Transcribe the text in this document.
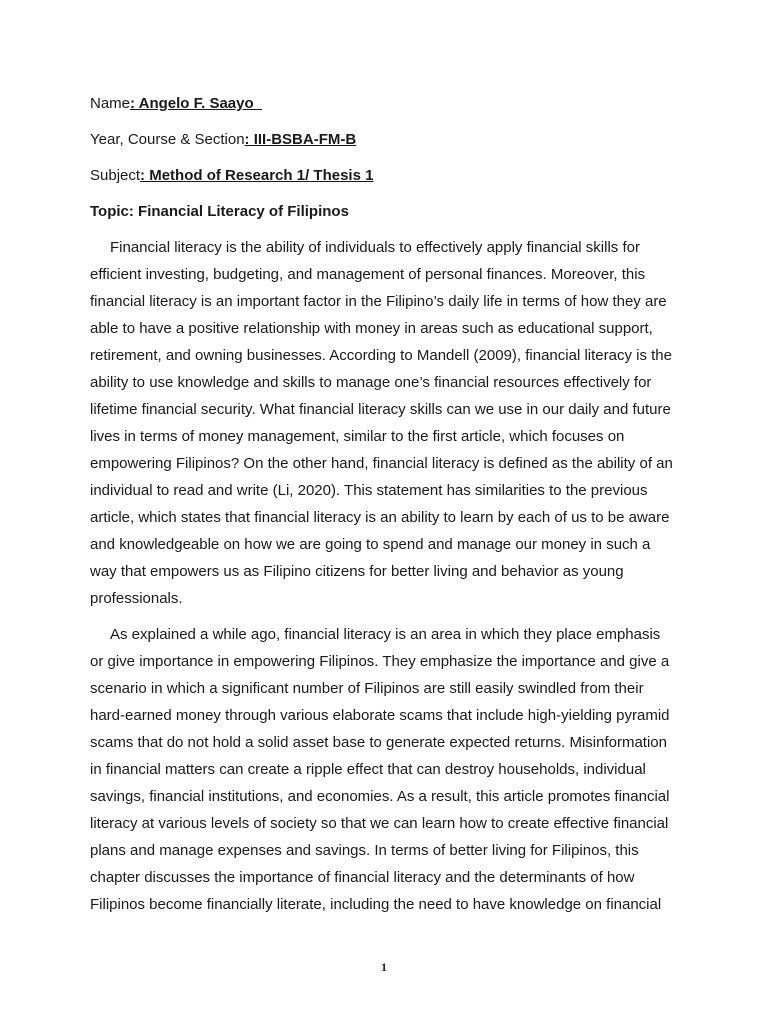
Name: Angelo F. Saayo
Year, Course & Section: III-BSBA-FM-B
Subject: Method of Research 1/ Thesis 1
Topic: Financial Literacy of Filipinos
Financial literacy is the ability of individuals to effectively apply financial skills for
efficient investing, budgeting, and management of personal finances. Moreover, this
financial literacy is an important factor in the Filipino’s daily life in terms of how they are
able to have a positive relationship with money in areas such as educational support,
retirement, and owning businesses. According to Mandell (2009), financial literacy is the
ability to use knowledge and skills to manage one’s financial resources effectively for
lifetime financial security. What financial literacy skills can we use in our daily and future
lives in terms of money management, similar to the first article, which focuses on
empowering Filipinos? On the other hand, financial literacy is defined as the ability of an
individual to read and write (Li, 2020). This statement has similarities to the previous
article, which states that financial literacy is an ability to learn by each of us to be aware
and knowledgeable on how we are going to spend and manage our money in such a
way that empowers us as Filipino citizens for better living and behavior as young
professionals.
As explained a while ago, financial literacy is an area in which they place emphasis
or give importance in empowering Filipinos. They emphasize the importance and give a
scenario in which a significant number of Filipinos are still easily swindled from their
hard-earned money through various elaborate scams that include high-yielding pyramid
scams that do not hold a solid asset base to generate expected returns. Misinformation
in financial matters can create a ripple effect that can destroy households, individual
savings, financial institutions, and economies. As a result, this article promotes financial
literacy at various levels of society so that we can learn how to create effective financial
plans and manage expenses and savings. In terms of better living for Filipinos, this
chapter discusses the importance of financial literacy and the determinants of how
Filipinos become financially literate, including the need to have knowledge on financial
1
